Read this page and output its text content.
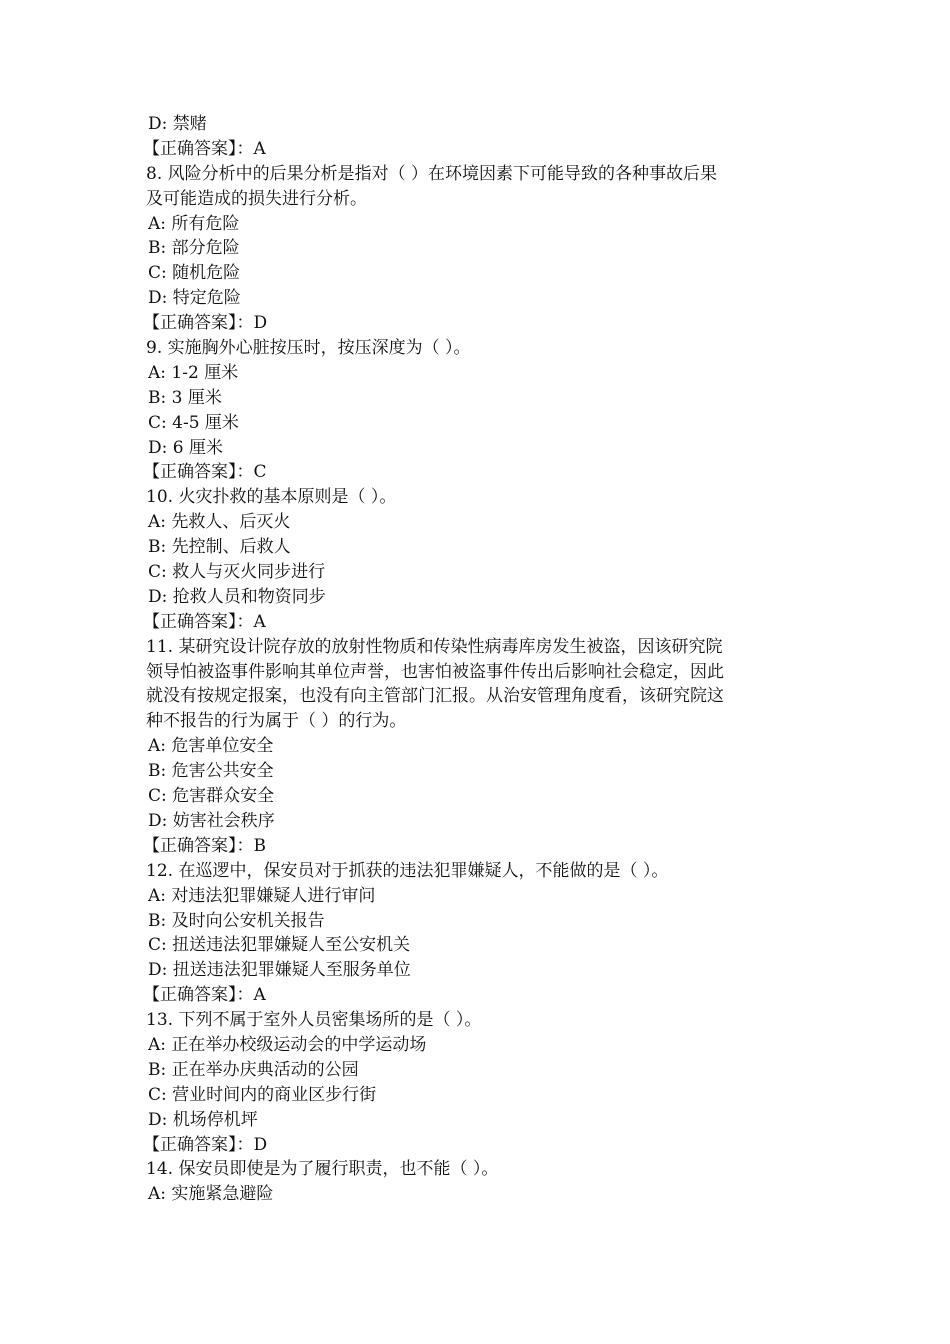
D: 禁赌
【正确答案】：A
8. 风险分析中的后果分析是指对（ ）在环境因素下可能导致的各种事故后果
及可能造成的损失进行分析。
A: 所有危险
B: 部分危险
C: 随机危险
D: 特定危险
【正确答案】：D
9. 实施胸外心脏按压时，按压深度为（ ）。
A: 1-2 厘米
B: 3 厘米
C: 4-5 厘米
D: 6 厘米
【正确答案】：C
10. 火灾扑救的基本原则是（ ）。
A: 先救人、后灭火
B: 先控制、后救人
C: 救人与灭火同步进行
D: 抢救人员和物资同步
【正确答案】：A
11. 某研究设计院存放的放射性物质和传染性病毒库房发生被盗，因该研究院
领导怕被盗事件影响其单位声誉，也害怕被盗事件传出后影响社会稳定，因此
就没有按规定报案，也没有向主管部门汇报。从治安管理角度看，该研究院这
种不报告的行为属于（ ）的行为。
A: 危害单位安全
B: 危害公共安全
C: 危害群众安全
D: 妨害社会秩序
【正确答案】：B
12. 在巡逻中，保安员对于抓获的违法犯罪嫌疑人，不能做的是（ ）。
A: 对违法犯罪嫌疑人进行审问
B: 及时向公安机关报告
C: 扭送违法犯罪嫌疑人至公安机关
D: 扭送违法犯罪嫌疑人至服务单位
【正确答案】：A
13. 下列不属于室外人员密集场所的是（ ）。
A: 正在举办校级运动会的中学运动场
B: 正在举办庆典活动的公园
C: 营业时间内的商业区步行街
D: 机场停机坪
【正确答案】：D
14. 保安员即使是为了履行职责，也不能（ ）。
A: 实施紧急避险
